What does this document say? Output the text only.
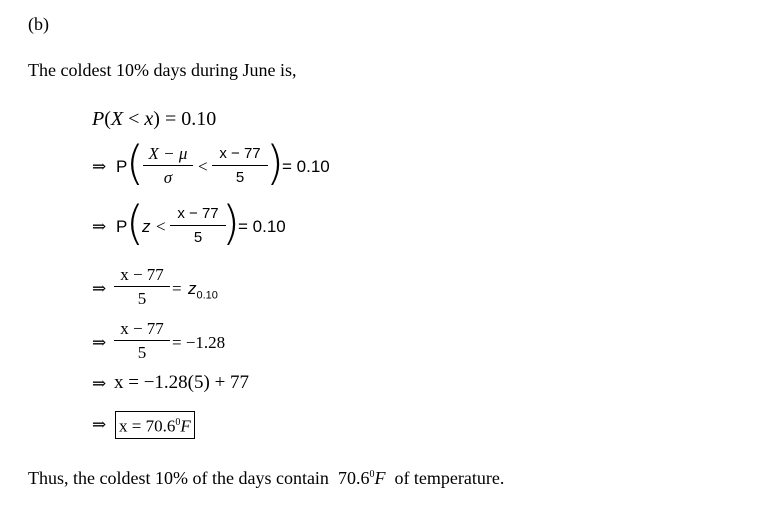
(b)
The coldest 10% days during June is,
P(X < x) = 0.10
⇒ P
( X − μ
σ
<
x − 77
5 )
= 0.10
⇒ P
(
z <
x − 77
5 )
= 0.10
⇒
x − 77
5
= $z_{0.10}$
⇒
x − 77
5
= −1.28
⇒ x = −1.28(5) + 77
⇒ $x = 70.6^0F$
Thus, the coldest 10% of the days contain  70.6$^0$F  of temperature.
